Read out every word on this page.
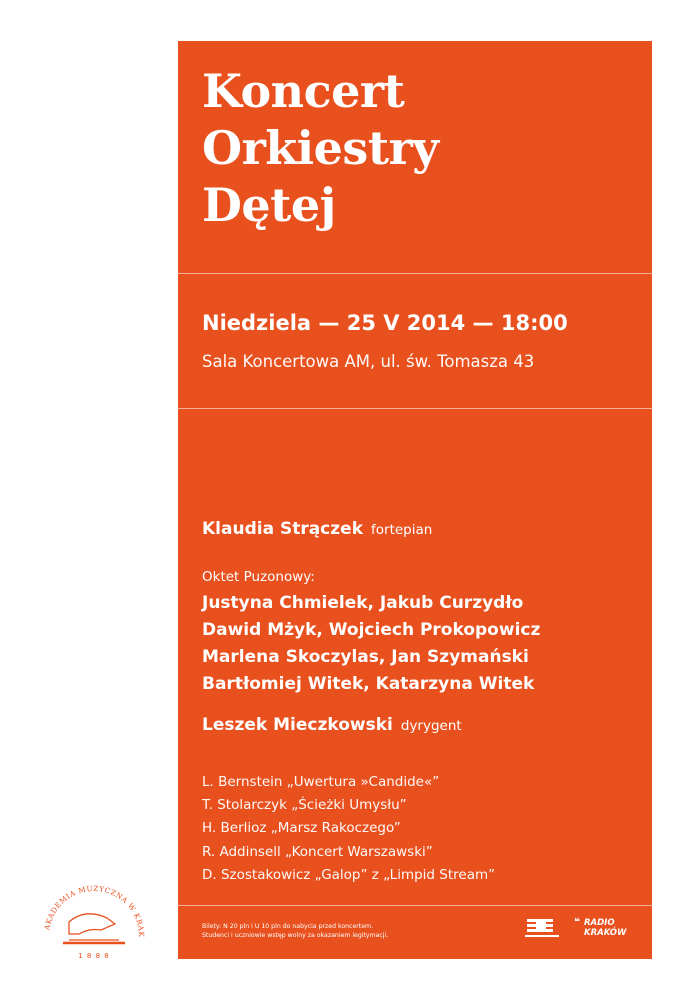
Koncert
Orkiestry
Dętej
Niedziela — 25 V 2014 — 18:00
Sala Koncertowa AM, ul. św. Tomasza 43
Klaudia Strączek fortepian
Oktet Puzonowy:
Justyna Chmielek, Jakub Curzydło
Dawid Mżyk, Wojciech Prokopowicz
Marlena Skoczylas, Jan Szymański
Bartłomiej Witek, Katarzyna Witek
Leszek Mieczkowski dyrygent
L. Bernstein „Uwertura »Candide«”
T. Stolarczyk „Ścieżki Umysłu”
H. Berlioz „Marsz Rakoczego”
R. Addinsell „Koncert Warszawski”
D. Szostakowicz „Galop” z „Limpid Stream”
Bilety: N 20 pln i U 10 pln do nabycia przed koncertem.
Studenci i uczniowie wstęp wolny za okazaniem legitymacji.
❝ RADIO
KRAKÓW
AKADEMIA MUZYCZNA W KRAK
1 8 8 8
